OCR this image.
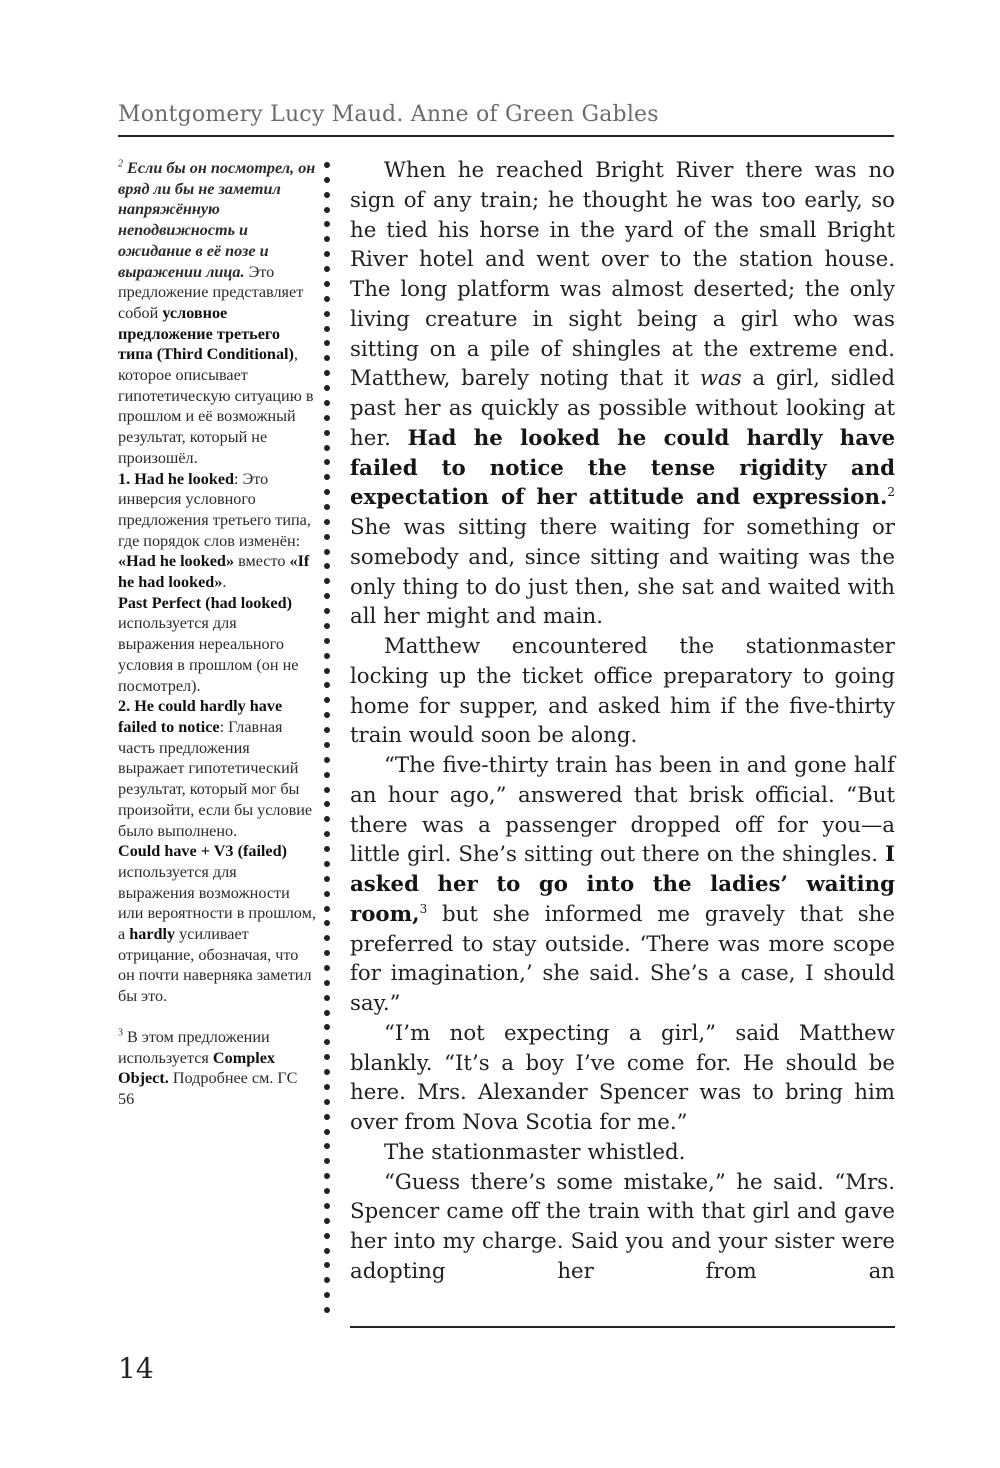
Montgomery Lucy Maud. Anne of Green Gables

$^2$ Если бы он посмотрел, он вряд ли бы не заметил напряжённую неподвижность и ожидание в её позе и выражении лица. Это предложение представляет собой условное предложение третьего типа (Third Conditional), которое описывает гипотетическую ситуацию в прошлом и её возможный результат, который не произошёл.
1. Had he looked: Это инверсия условного предложения третьего типа, где порядок слов изменён: «Had he looked» вместо «If he had looked».
Past Perfect (had looked) используется для выражения нереального условия в прошлом (он не посмотрел).
2. He could hardly have failed to notice: Главная часть предложения выражает гипотетический результат, который мог бы произойти, если бы условие было выполнено.
Could have + V3 (failed) используется для выражения возможности или вероятности в прошлом, а hardly усиливает отрицание, обозначая, что он почти наверняка заметил бы это.

$^3$ В этом предложении используется Complex Object. Подробнее см. ГС 56

When he reached Bright River there was no sign of any train; he thought he was too early, so he tied his horse in the yard of the small Bright River hotel and went over to the station house. The long platform was almost deserted; the only living creature in sight being a girl who was sitting on a pile of shingles at the extreme end. Matthew, barely noting that it was a girl, sidled past her as quickly as possible without looking at her. Had he looked he could hardly have failed to notice the tense rigidity and expectation of her attitude and expression.$^2$ She was sitting there waiting for something or somebody and, since sitting and waiting was the only thing to do just then, she sat and waited with all her might and main.

Matthew encountered the stationmaster locking up the ticket office preparatory to going home for supper, and asked him if the five-thirty train would soon be along.

“The five-thirty train has been in and gone half an hour ago,” answered that brisk official. “But there was a passenger dropped off for you—a little girl. She’s sitting out there on the shingles. I asked her to go into the ladies’ waiting room,$^3$ but she informed me gravely that she preferred to stay outside. ‘There was more scope for imagination,’ she said. She’s a case, I should say.”

“I’m not expecting a girl,” said Matthew blankly. “It’s a boy I’ve come for. He should be here. Mrs. Alexander Spencer was to bring him over from Nova Scotia for me.”

The stationmaster whistled.

“Guess there’s some mistake,” he said. “Mrs. Spencer came off the train with that girl and gave her into my charge. Said you and your sister were adopting her from an

14
